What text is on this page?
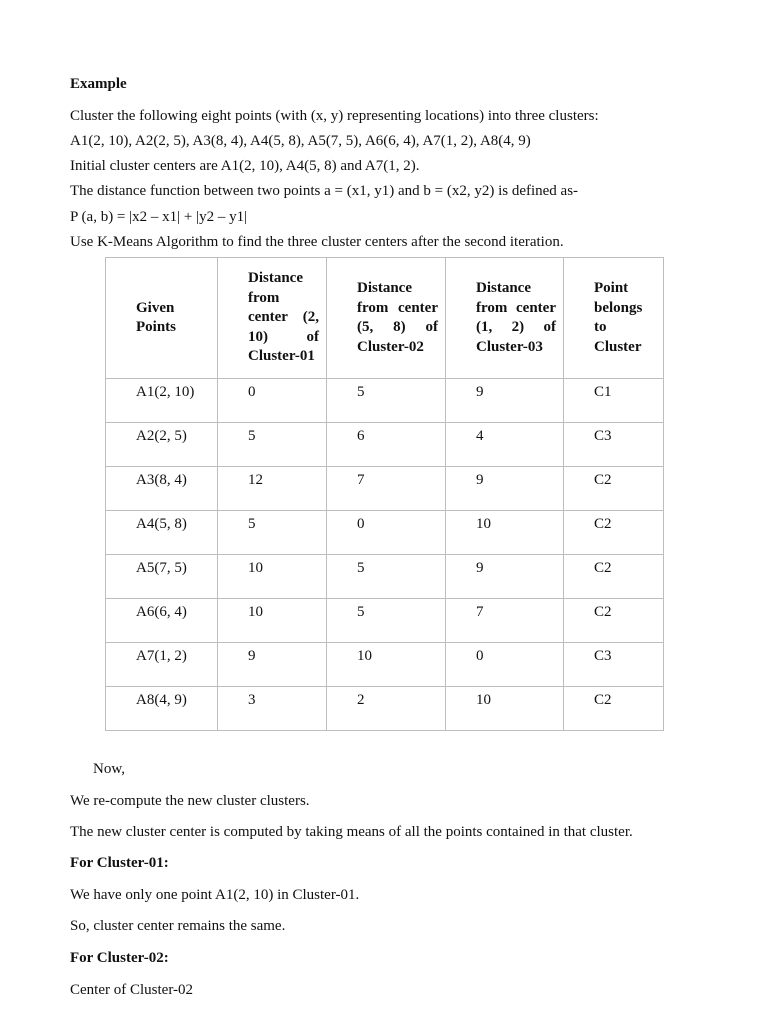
Example
Cluster the following eight points (with (x, y) representing locations) into three clusters:
A1(2, 10), A2(2, 5), A3(8, 4), A4(5, 8), A5(7, 5), A6(6, 4), A7(1, 2), A8(4, 9)
Initial cluster centers are A1(2, 10), A4(5, 8) and A7(1, 2).
The distance function between two points a = (x1, y1) and b = (x2, y2) is defined as-
P (a, b) = |x2 – x1| + |y2 – y1|
Use K-Means Algorithm to find the three cluster centers after the second iteration.
Given Points	Distance from center (2, 10) of Cluster-01	Distance from center (5, 8) of Cluster-02	Distance from center (1, 2) of Cluster-03	Point belongs to Cluster
A1(2, 10)	0	5	9	C1
A2(2, 5)	5	6	4	C3
A3(8, 4)	12	7	9	C2
A4(5, 8)	5	0	10	C2
A5(7, 5)	10	5	9	C2
A6(6, 4)	10	5	7	C2
A7(1, 2)	9	10	0	C3
A8(4, 9)	3	2	10	C2
Now,
We re-compute the new cluster clusters.
The new cluster center is computed by taking means of all the points contained in that cluster.
For Cluster-01:
We have only one point A1(2, 10) in Cluster-01.
So, cluster center remains the same.
For Cluster-02:
Center of Cluster-02
